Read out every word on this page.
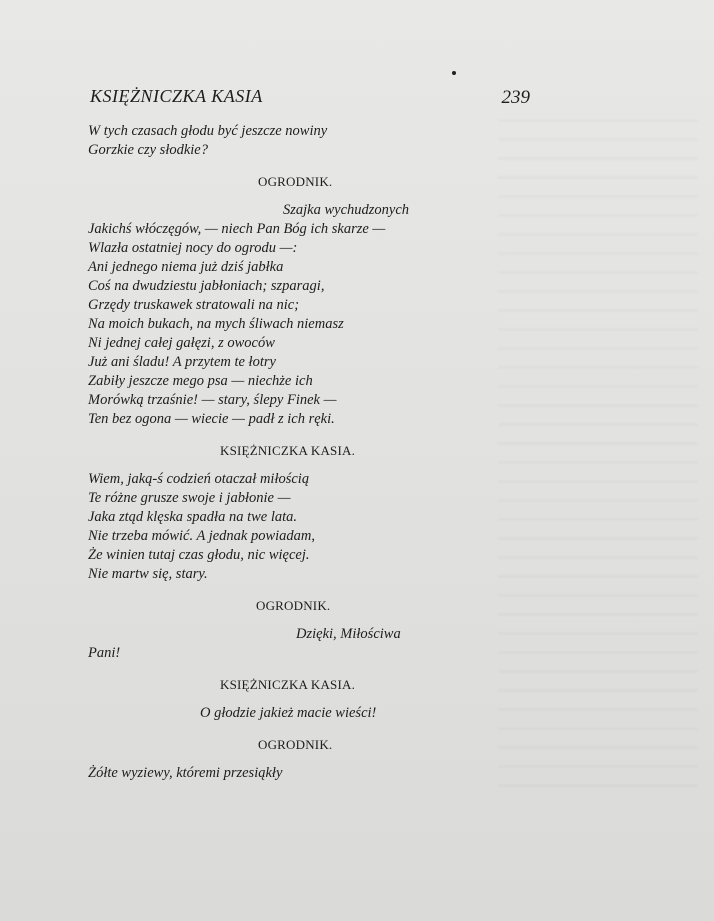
KSIĘŻNICZKA KASIA	239
W tych czasach głodu być jeszcze nowiny
Gorzkie czy słodkie?
OGRODNIK.
Szajka wychudzonych
Jakichś włóczęgów, — niech Pan Bóg ich skarze —
Wlazła ostatniej nocy do ogrodu —:
Ani jednego niema już dziś jabłka
Coś na dwudziestu jabłoniach; szparagi,
Grzędy truskawek stratowali na nic;
Na moich bukach, na mych śliwach niemasz
Ni jednej całej gałęzi, z owoców
Już ani śladu! A przytem te łotry
Zabiły jeszcze mego psa — niechże ich
Morówką trzaśnie! — stary, ślepy Finek —
Ten bez ogona — wiecie — padł z ich ręki.
KSIĘŻNICZKA KASIA.
Wiem, jaką-ś codzień otaczał miłością
Te różne grusze swoje i jabłonie —
Jaka ztąd klęska spadła na twe lata.
Nie trzeba mówić. A jednak powiadam,
Że winien tutaj czas głodu, nic więcej.
Nie martw się, stary.
OGRODNIK.
Dzięki, Miłościwa
Pani!
KSIĘŻNICZKA KASIA.
O głodzie jakież macie wieści!
OGRODNIK.
Żółte wyziewy, któremi przesiąkły
